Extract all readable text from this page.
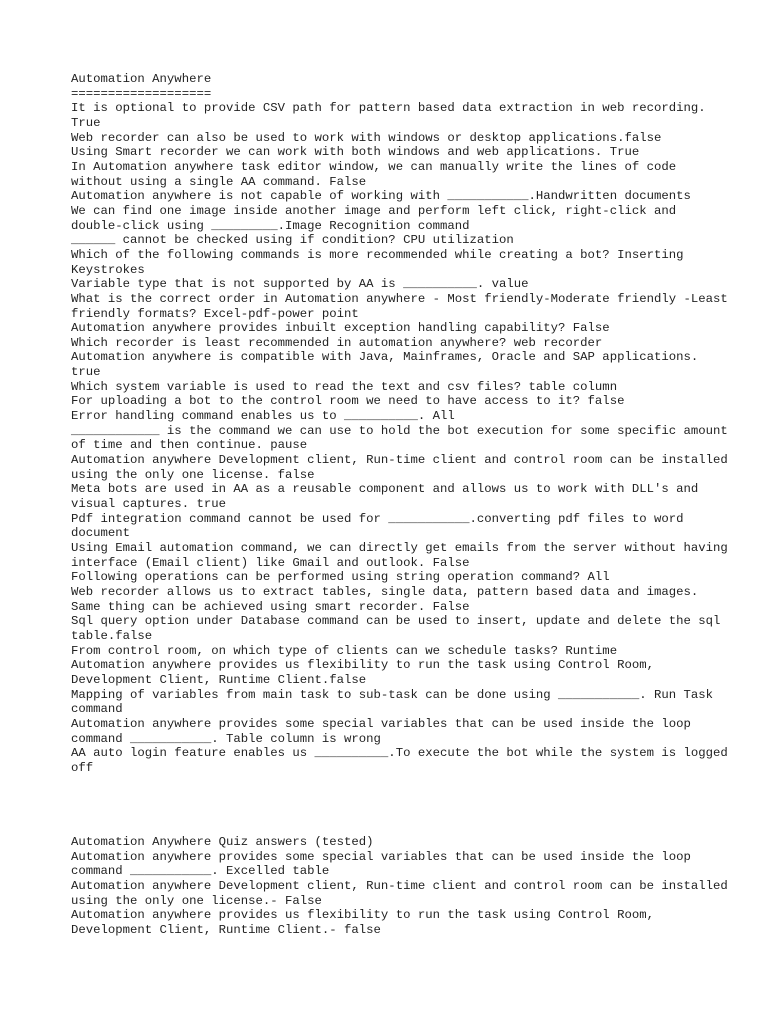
Automation Anywhere
===================
It is optional to provide CSV path for pattern based data extraction in web recording. True
Web recorder can also be used to work with windows or desktop applications.false
Using Smart recorder we can work with both windows and web applications. True
In Automation anywhere task editor window, we can manually write the lines of code without using a single AA command. False
Automation anywhere is not capable of working with ___________.Handwritten documents
We can find one image inside another image and perform left click, right-click and double-click using _________.Image Recognition command
______ cannot be checked using if condition? CPU utilization
Which of the following commands is more recommended while creating a bot? Inserting Keystrokes
Variable type that is not supported by AA is __________. value
What is the correct order in Automation anywhere - Most friendly-Moderate friendly -Least friendly formats? Excel-pdf-power point
Automation anywhere provides inbuilt exception handling capability? False
Which recorder is least recommended in automation anywhere? web recorder
Automation anywhere is compatible with Java, Mainframes, Oracle and SAP applications. true
Which system variable is used to read the text and csv files? table column
For uploading a bot to the control room we need to have access to it? false
Error handling command enables us to __________. All
____________ is the command we can use to hold the bot execution for some specific amount of time and then continue. pause
Automation anywhere Development client, Run-time client and control room can be installed using the only one license. false
Meta bots are used in AA as a reusable component and allows us to work with DLL's and visual captures. true
Pdf integration command cannot be used for ___________.converting pdf files to word document
Using Email automation command, we can directly get emails from the server without having interface (Email client) like Gmail and outlook. False
Following operations can be performed using string operation command? All
Web recorder allows us to extract tables, single data, pattern based data and images. Same thing can be achieved using smart recorder. False
Sql query option under Database command can be used to insert, update and delete the sql table.false
From control room, on which type of clients can we schedule tasks? Runtime
Automation anywhere provides us flexibility to run the task using Control Room, Development Client, Runtime Client.false
Mapping of variables from main task to sub-task can be done using ___________. Run Task command
Automation anywhere provides some special variables that can be used inside the loop command ___________. Table column is wrong
AA auto login feature enables us __________.To execute the bot while the system is logged off
Automation Anywhere Quiz answers (tested)
Automation anywhere provides some special variables that can be used inside the loop command ___________. Excelled table
Automation anywhere Development client, Run-time client and control room can be installed using the only one license.- False
Automation anywhere provides us flexibility to run the task using Control Room, Development Client, Runtime Client.- false
